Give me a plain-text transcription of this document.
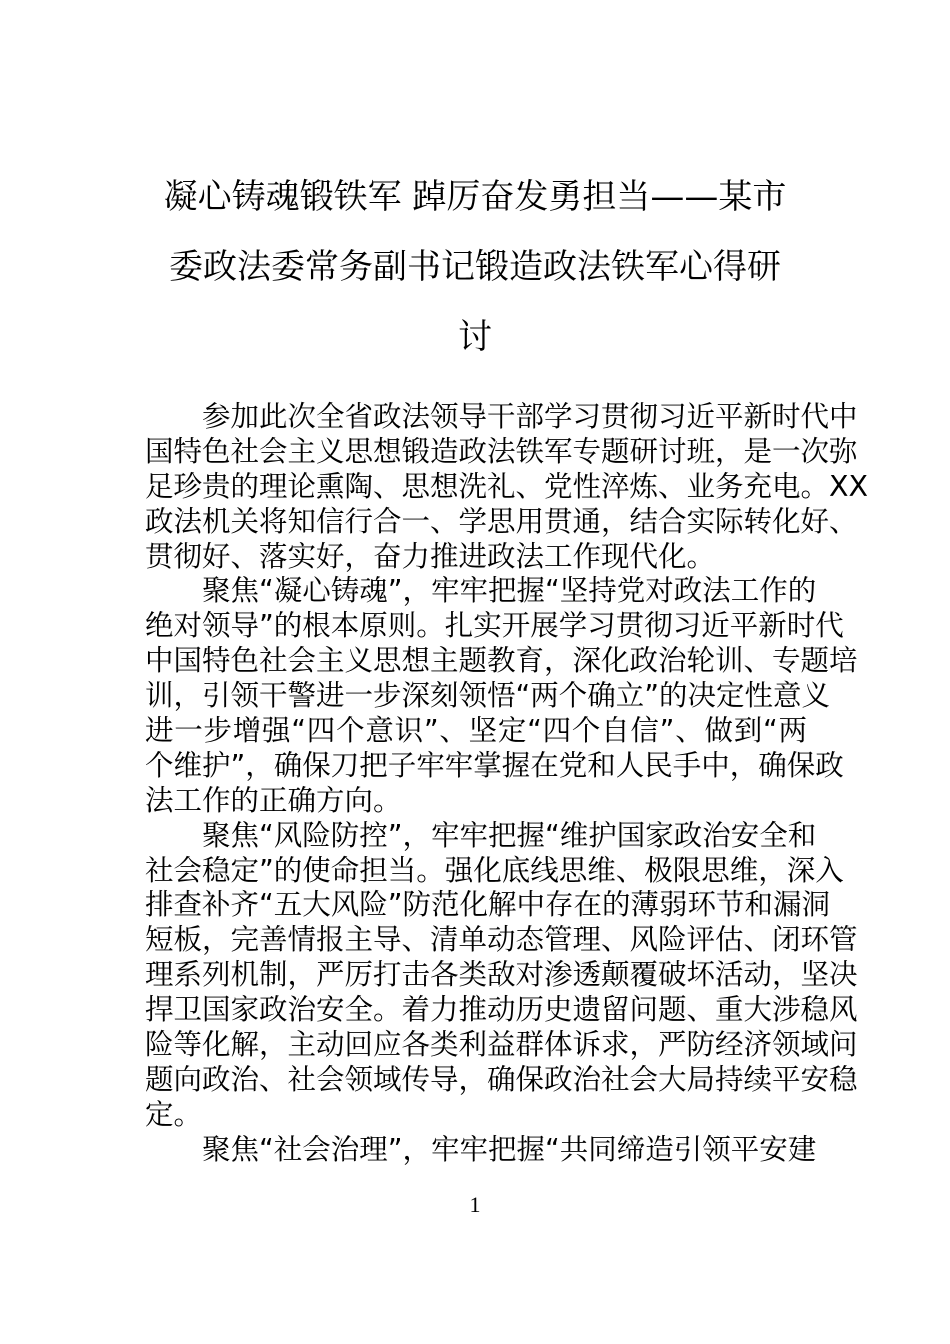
凝心铸魂锻铁军 踔厉奋发勇担当——某市
委政法委常务副书记锻造政法铁军心得研
讨
参加此次全省政法领导干部学习贯彻习近平新时代中
国特色社会主义思想锻造政法铁军专题研讨班，是一次弥
足珍贵的理论熏陶、思想洗礼、党性淬炼、业务充电。XX
政法机关将知信行合一、学思用贯通，结合实际转化好、
贯彻好、落实好，奋力推进政法工作现代化。
聚焦“凝心铸魂”，牢牢把握“坚持党对政法工作的
绝对领导”的根本原则。扎实开展学习贯彻习近平新时代
中国特色社会主义思想主题教育，深化政治轮训、专题培
训，引领干警进一步深刻领悟“两个确立”的决定性意义
进一步增强“四个意识”、坚定“四个自信”、做到“两
个维护”，确保刀把子牢牢掌握在党和人民手中，确保政
法工作的正确方向。
聚焦“风险防控”，牢牢把握“维护国家政治安全和
社会稳定”的使命担当。强化底线思维、极限思维，深入
排查补齐“五大风险”防范化解中存在的薄弱环节和漏洞
短板，完善情报主导、清单动态管理、风险评估、闭环管
理系列机制，严厉打击各类敌对渗透颠覆破坏活动，坚决
捍卫国家政治安全。着力推动历史遗留问题、重大涉稳风
险等化解，主动回应各类利益群体诉求，严防经济领域问
题向政治、社会领域传导，确保政治社会大局持续平安稳
定。
聚焦“社会治理”，牢牢把握“共同缔造引领平安建
1
